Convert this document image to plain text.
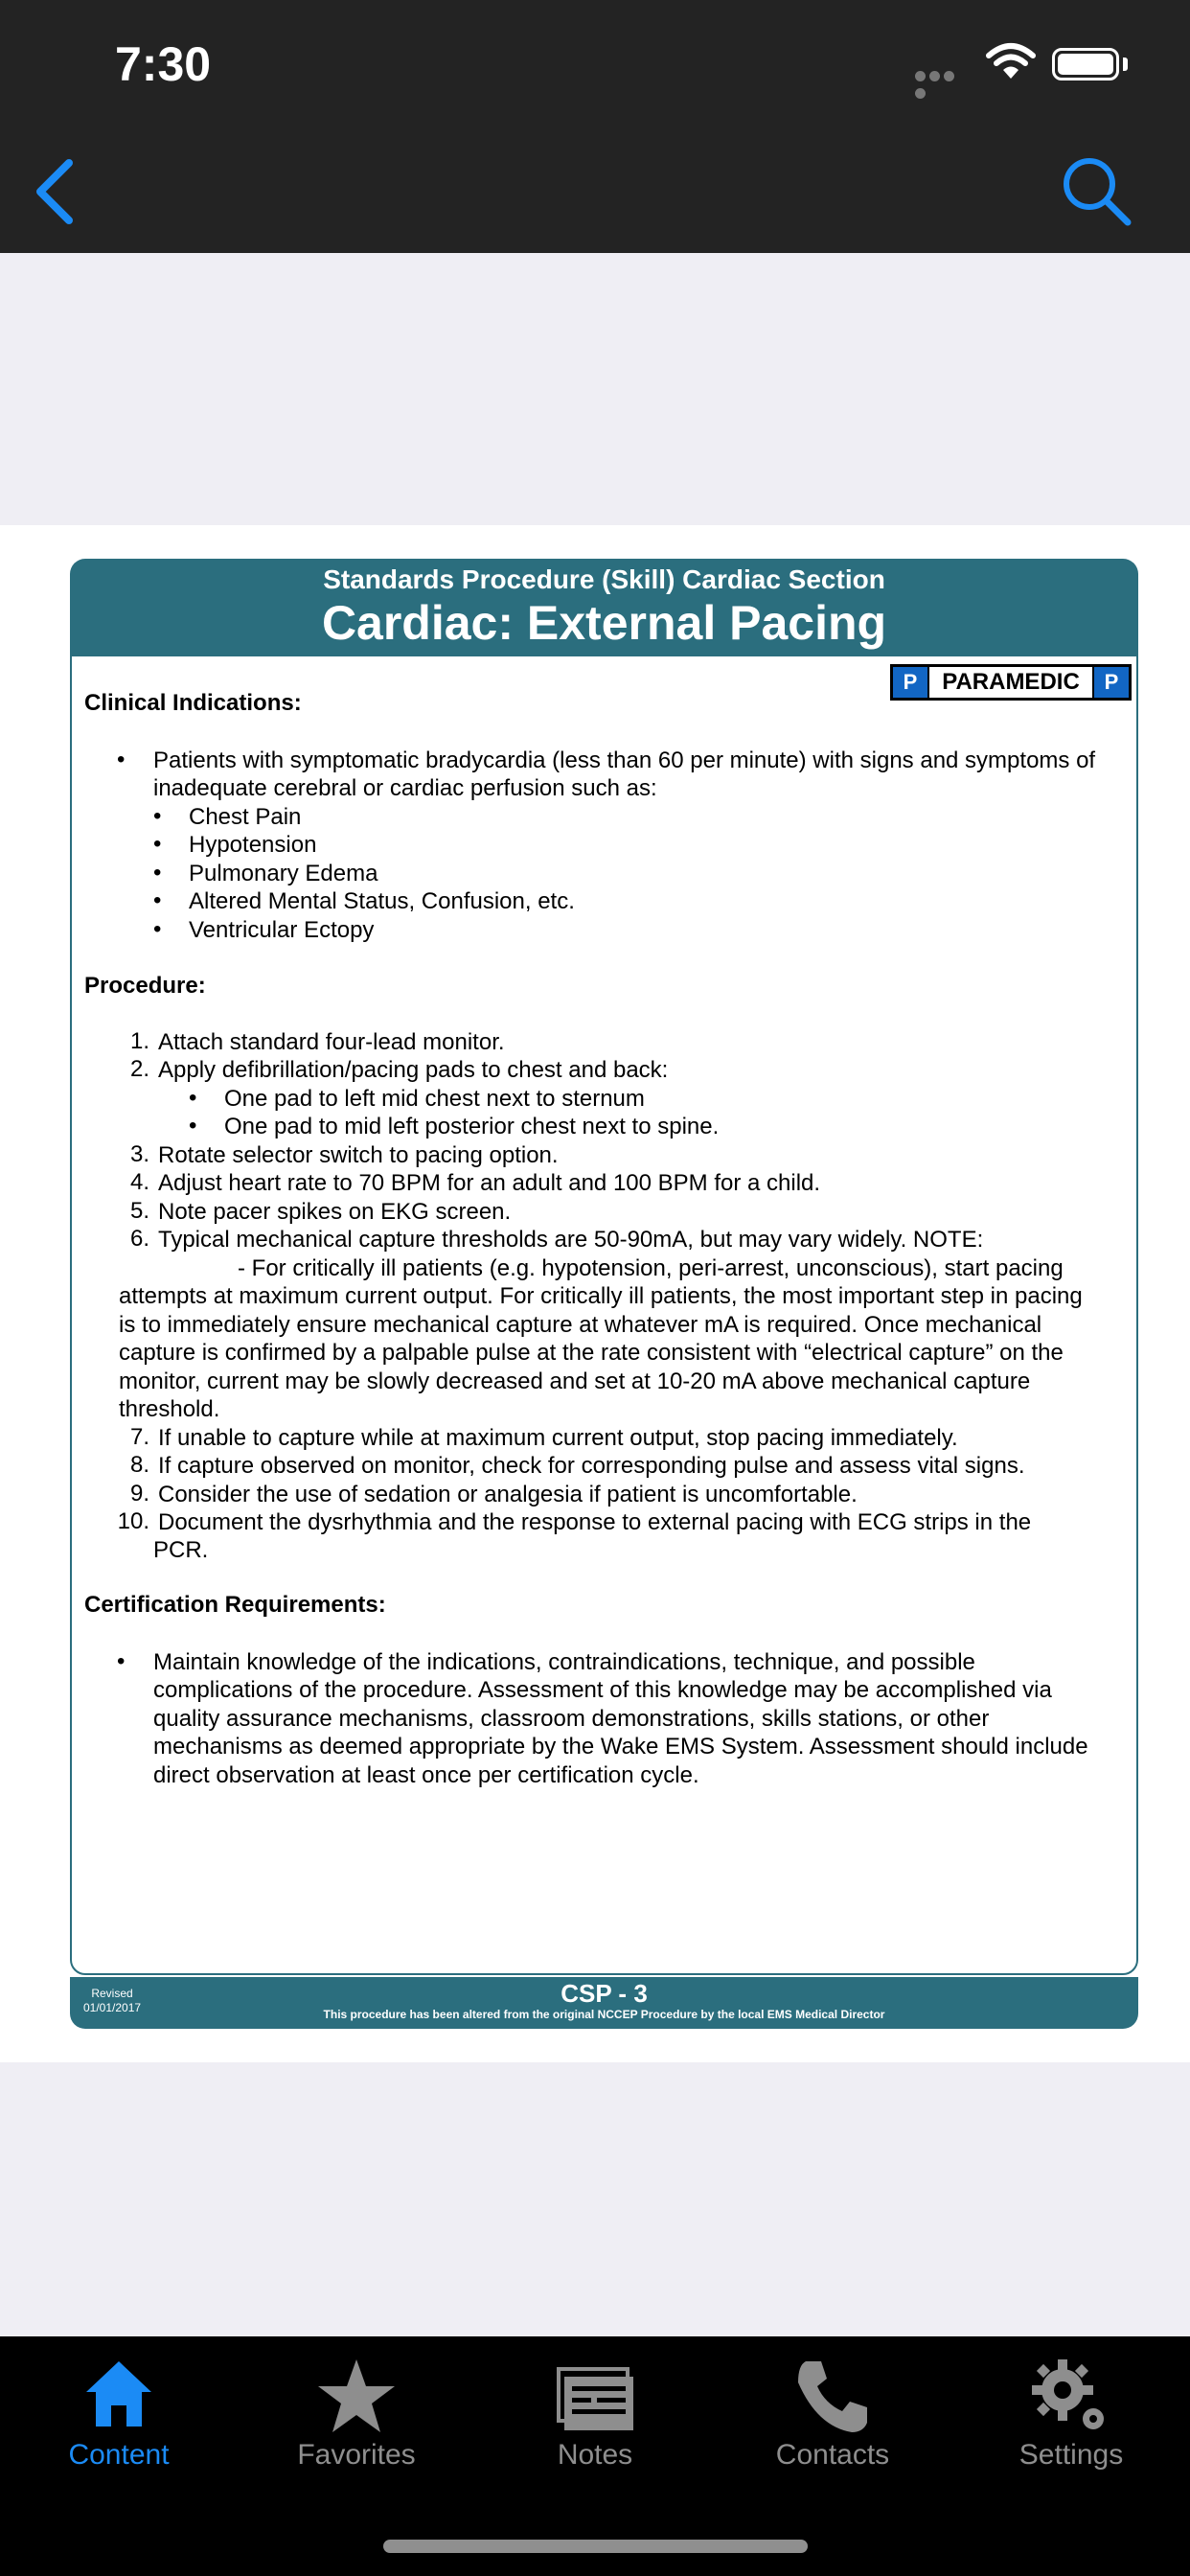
7:30
Standards Procedure (Skill) Cardiac Section
Cardiac: External Pacing
P	PARAMEDIC	P
Clinical Indications:
• Patients with symptomatic bradycardia (less than 60 per minute) with signs and symptoms of
inadequate cerebral or cardiac perfusion such as:
• Chest Pain
• Hypotension
• Pulmonary Edema
• Altered Mental Status, Confusion, etc.
• Ventricular Ectopy
Procedure:
1. Attach standard four-lead monitor.
2. Apply defibrillation/pacing pads to chest and back:
• One pad to left mid chest next to sternum
• One pad to mid left posterior chest next to spine.
3. Rotate selector switch to pacing option.
4. Adjust heart rate to 70 BPM for an adult and 100 BPM for a child.
5. Note pacer spikes on EKG screen.
6. Typical mechanical capture thresholds are 50-90mA, but may vary widely. NOTE:
- For critically ill patients (e.g. hypotension, peri-arrest, unconscious), start pacing
attempts at maximum current output. For critically ill patients, the most important step in pacing
is to immediately ensure mechanical capture at whatever mA is required. Once mechanical
capture is confirmed by a palpable pulse at the rate consistent with “electrical capture” on the
monitor, current may be slowly decreased and set at 10-20 mA above mechanical capture
threshold.
7. If unable to capture while at maximum current output, stop pacing immediately.
8. If capture observed on monitor, check for corresponding pulse and assess vital signs.
9. Consider the use of sedation or analgesia if patient is uncomfortable.
10. Document the dysrhythmia and the response to external pacing with ECG strips in the
PCR.
Certification Requirements:
• Maintain knowledge of the indications, contraindications, technique, and possible
complications of the procedure. Assessment of this knowledge may be accomplished via
quality assurance mechanisms, classroom demonstrations, skills stations, or other
mechanisms as deemed appropriate by the Wake EMS System. Assessment should include
direct observation at least once per certification cycle.
Revised
01/01/2017	CSP - 3
This procedure has been altered from the original NCCEP Procedure by the local EMS Medical Director
Content	Favorites	Notes	Contacts	Settings
